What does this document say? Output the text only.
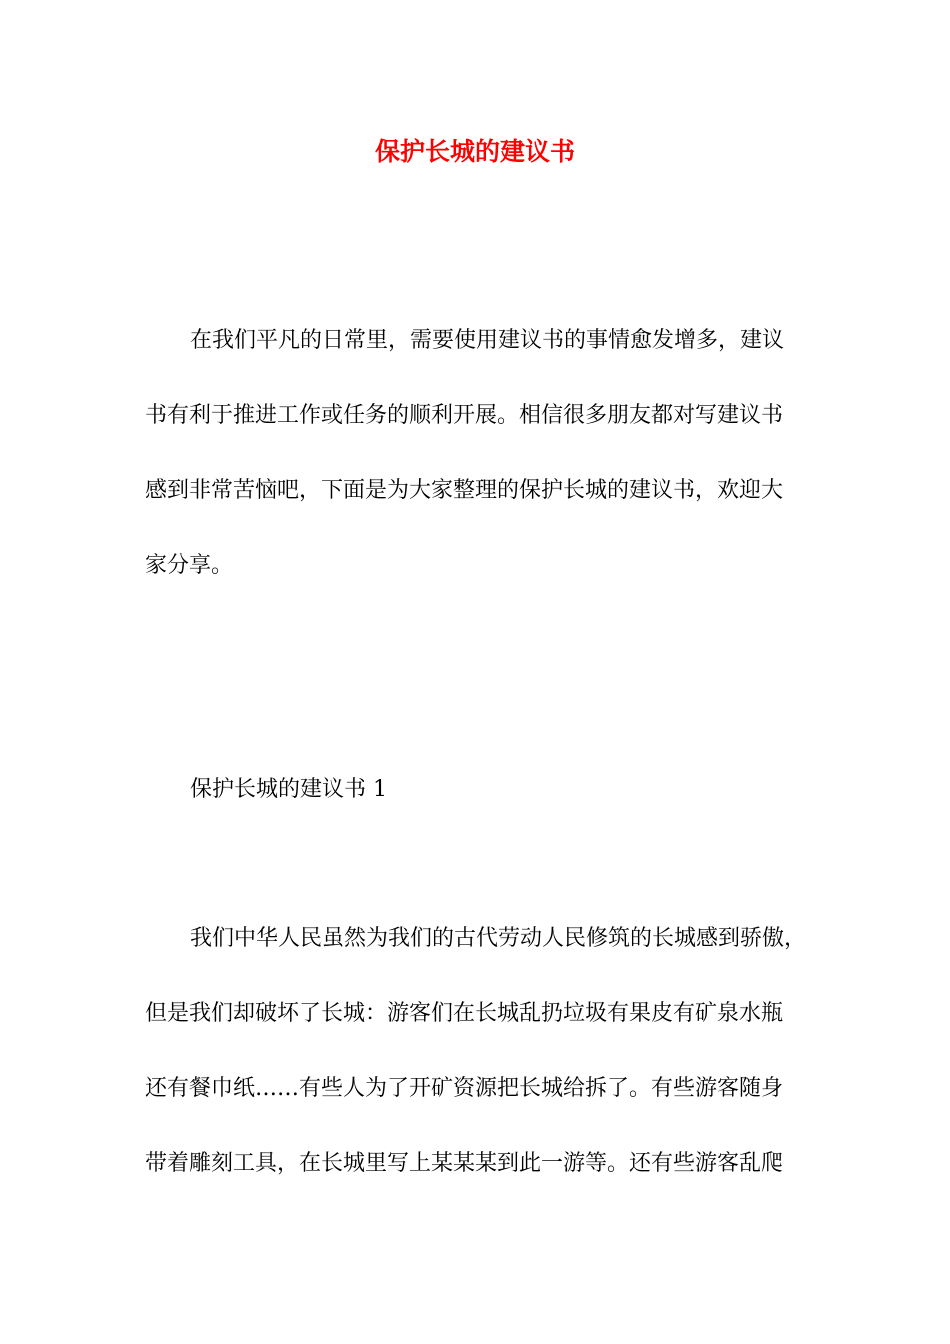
保护长城的建议书

在我们平凡的日常里，需要使用建议书的事情愈发增多，建议

书有利于推进工作或任务的顺利开展。相信很多朋友都对写建议书

感到非常苦恼吧，下面是为大家整理的保护长城的建议书，欢迎大

家分享。

保护长城的建议书 1

我们中华人民虽然为我们的古代劳动人民修筑的长城感到骄傲，

但是我们却破坏了长城：游客们在长城乱扔垃圾有果皮有矿泉水瓶

还有餐巾纸……有些人为了开矿资源把长城给拆了。有些游客随身

带着雕刻工具，在长城里写上某某某到此一游等。还有些游客乱爬
